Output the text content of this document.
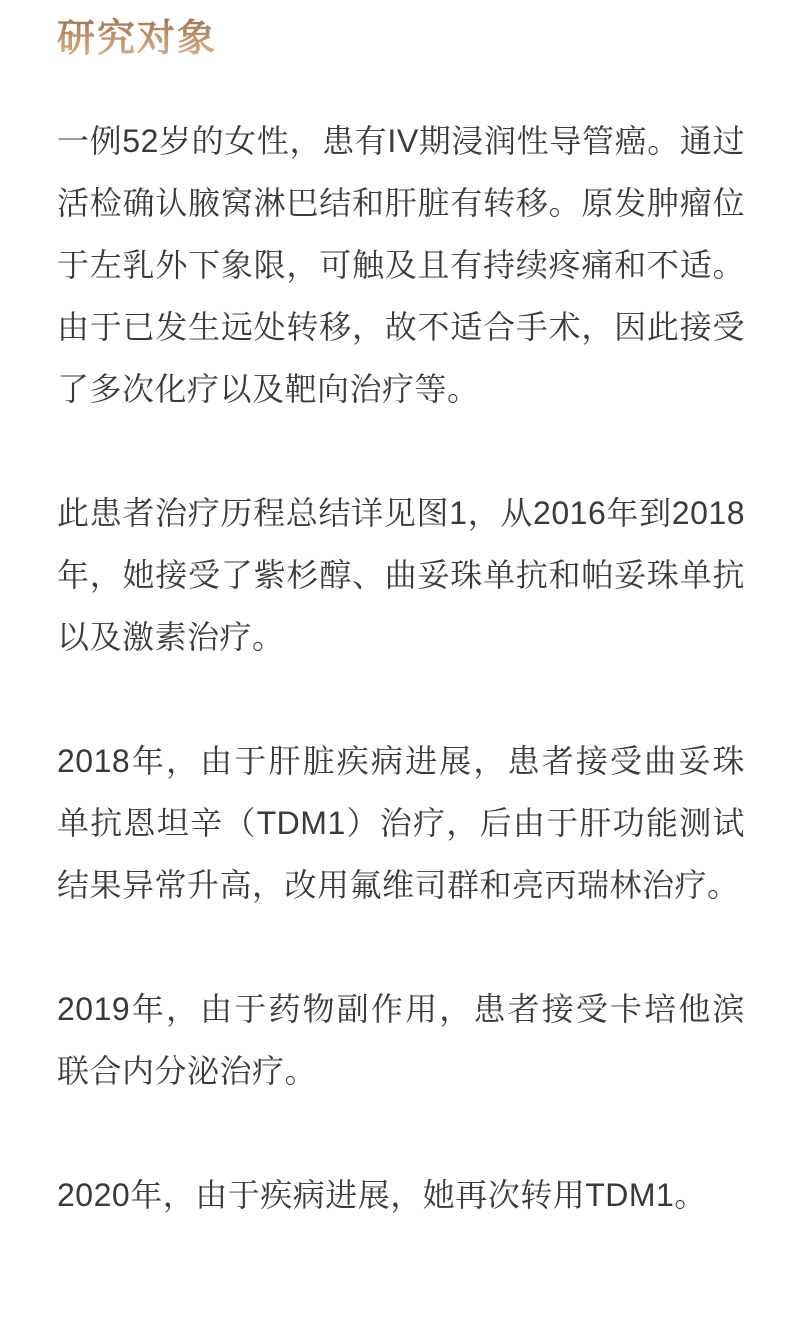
研究对象

一例52岁的女性，患有IV期浸润性导管癌。通过活检确认腋窝淋巴结和肝脏有转移。原发肿瘤位于左乳外下象限，可触及且有持续疼痛和不适。由于已发生远处转移，故不适合手术，因此接受了多次化疗以及靶向治疗等。

此患者治疗历程总结详见图1，从2016年到2018年，她接受了紫杉醇、曲妥珠单抗和帕妥珠单抗以及激素治疗。

2018年，由于肝脏疾病进展，患者接受曲妥珠单抗恩坦辛（TDM1）治疗，后由于肝功能测试结果异常升高，改用氟维司群和亮丙瑞林治疗。

2019年，由于药物副作用，患者接受卡培他滨联合内分泌治疗。

2020年，由于疾病进展，她再次转用TDM1。
